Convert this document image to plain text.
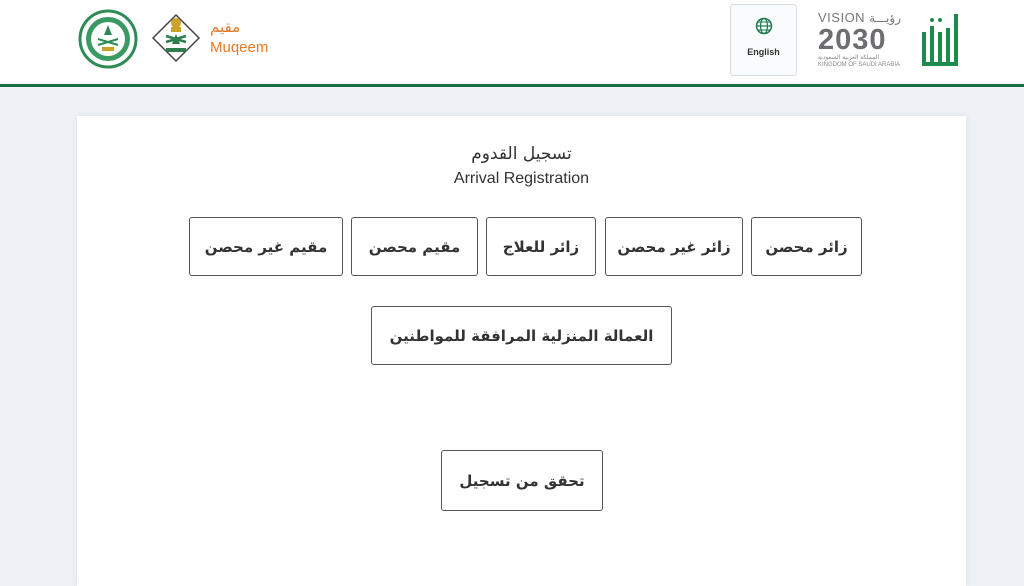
مقيم
Muqeem	English
VISION رؤيـــة
2030
المملكة العربية السعودية
KINGDOM OF SAUDI ARABIA
تسجيل القدوم
Arrival Registration
زائر محصن
زائر غير محصن
زائر للعلاج
مقيم محصن
مقيم غير محصن
العمالة المنزلية المرافقة للمواطنين
تحقق من تسجيل
